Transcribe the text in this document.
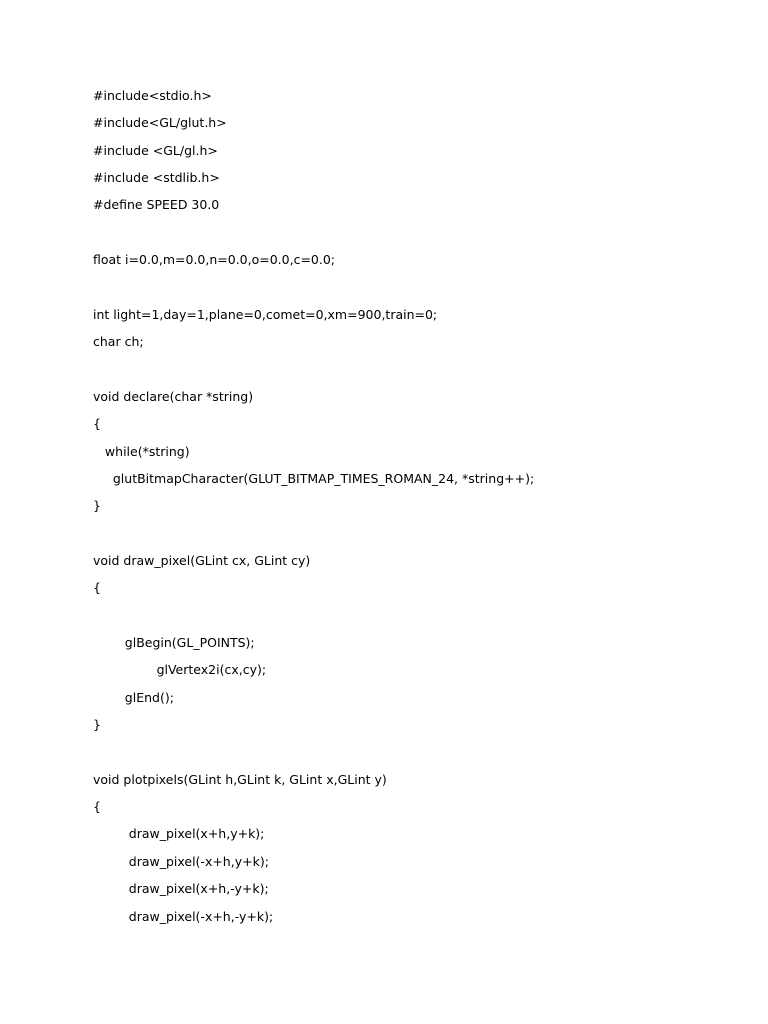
#include<stdio.h>
#include<GL/glut.h>
#include <GL/gl.h>
#include <stdlib.h>
#define SPEED 30.0
float i=0.0,m=0.0,n=0.0,o=0.0,c=0.0;
int light=1,day=1,plane=0,comet=0,xm=900,train=0;
char ch;
void declare(char *string)
{
while(*string)
glutBitmapCharacter(GLUT_BITMAP_TIMES_ROMAN_24, *string++);
}
void draw_pixel(GLint cx, GLint cy)
{
glBegin(GL_POINTS);
glVertex2i(cx,cy);
glEnd();
}
void plotpixels(GLint h,GLint k, GLint x,GLint y)
{
draw_pixel(x+h,y+k);
draw_pixel(-x+h,y+k);
draw_pixel(x+h,-y+k);
draw_pixel(-x+h,-y+k);
